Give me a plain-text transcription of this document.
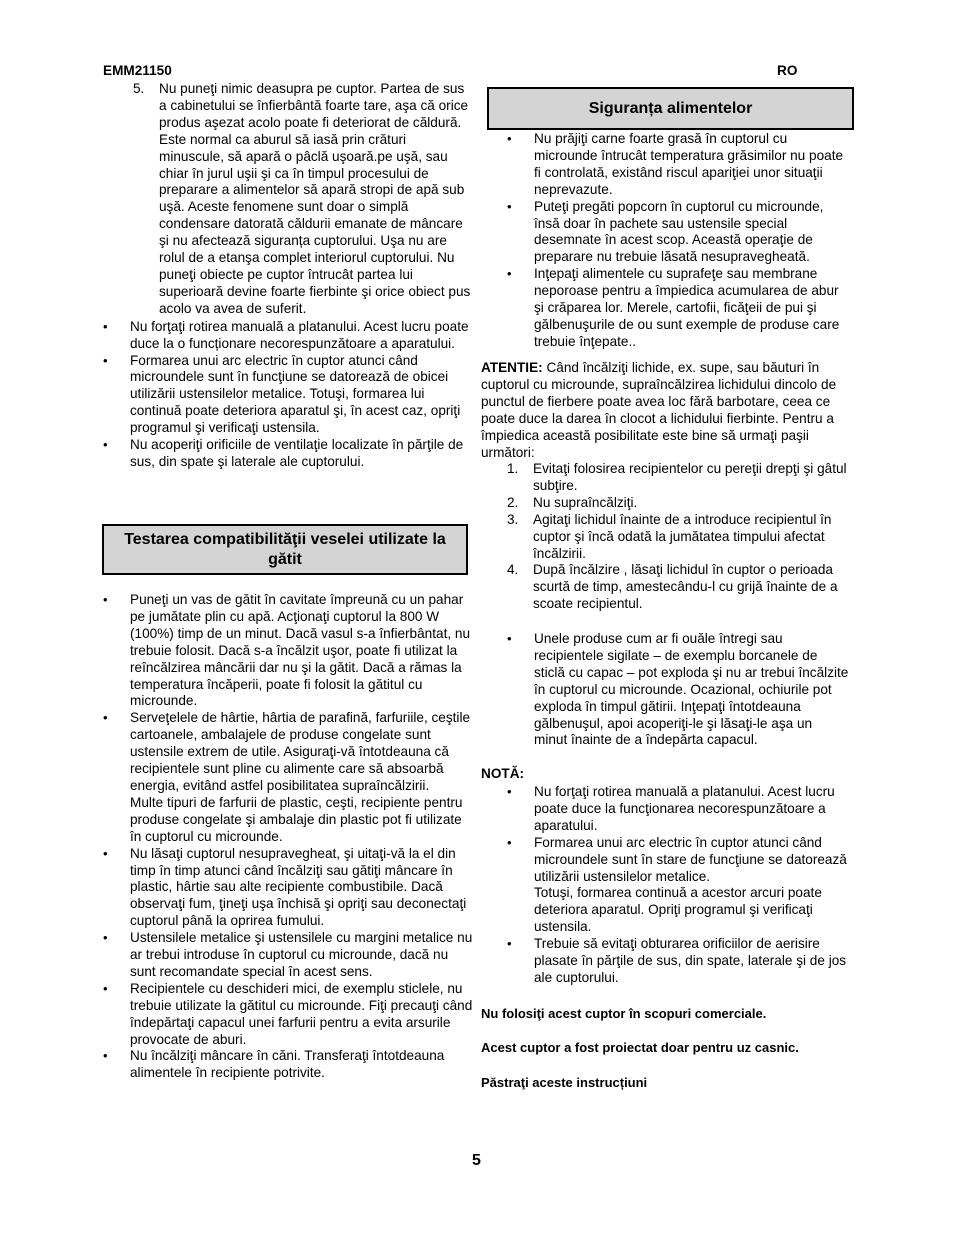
EMM21150	RO
5. Nu puneţi nimic deasupra pe cuptor. Partea de sus a cabinetului se înfierbântă foarte tare, aşa că orice produs aşezat acolo poate fi deteriorat de căldură. Este normal ca aburul să iasă prin crături minuscule, să apară o pâclă uşoară.pe uşă, sau chiar în jurul uşii şi ca în timpul procesului de preparare a alimentelor să apară stropi de apă sub uşă. Aceste fenomene sunt doar o simplă condensare datorată căldurii emanate de mâncare şi nu afectează siguranța cuptorului. Uşa nu are rolul de a etanşa complet interiorul cuptorului. Nu puneţi obiecte pe cuptor întrucât partea lui superioară devine foarte fierbinte şi orice obiect pus acolo va avea de suferit.
• Nu forţaţi rotirea manuală a platanului. Acest lucru poate duce la o funcționare necorespunzătoare a aparatului.
• Formarea unui arc electric în cuptor atunci când microundele sunt în funcţiune se datorează de obicei utilizării ustensilelor metalice. Totuşi, formarea lui continuă poate deteriora aparatul şi, în acest caz, opriţi programul şi verificaţi ustensila.
• Nu acoperiţi orificiile de ventilaţie localizate în părţile de sus, din spate şi laterale ale cuptorului.
Testarea compatibilităţii veselei utilizate la gătit
• Puneţi un vas de gătit în cavitate împreună cu un pahar pe jumătate plin cu apă. Acţionaţi cuptorul la 800 W (100%) timp de un minut. Dacă vasul s-a înfierbântat, nu trebuie folosit. Dacă s-a încălzit uşor, poate fi utilizat la reîncălzirea mâncării dar nu şi la gătit. Dacă a rămas la temperatura încăperii, poate fi folosit la gătitul cu microunde.

• Serveţelele de hârtie, hârtia de parafină, farfuriile, ceştile cartoanele, ambalajele de produse congelate sunt ustensile extrem de utile. Asiguraţi-vă întotdeauna că recipientele sunt pline cu alimente care să absoarbă energia, evitând astfel posibilitatea supraîncălzirii.

Multe tipuri de farfurii de plastic, ceşti, recipiente pentru produse congelate şi ambalaje din plastic pot fi utilizate în cuptorul cu microunde.

• Nu lăsaţi cuptorul nesupravegheat, şi uitaţi-vă la el din timp în timp atunci când încălziţi sau gătiţi mâncare în plastic, hârtie sau alte recipiente combustibile. Dacă observaţi fum, ţineţi uşa închisă şi opriţi sau deconectaţi cuptorul până la oprirea fumului.
• Ustensilele metalice şi ustensilele cu margini metalice nu ar trebui introduse în cuptorul cu microunde, dacă nu sunt recomandate special în acest sens.
• Recipientele cu deschideri mici, de exemplu sticlele, nu trebuie utilizate la gătitul cu microunde. Fiţi precauţi când îndepărtaţi capacul unei farfurii pentru a evita arsurile provocate de aburi.
• Nu încălziţi mâncare în căni. Transferaţi întotdeauna alimentele în recipiente potrivite.
Siguranța alimentelor
• Nu prăjiţi carne foarte grasă în cuptorul cu microunde întrucât temperatura grăsimilor nu poate fi controlată, existând riscul apariţiei unor situaţii neprevazute.
• Puteţi pregăti popcorn în cuptorul cu microunde, însă doar în pachete sau ustensile special desemnate în acest scop. Această operaţie de preparare nu trebuie lăsată nesupravegheată.
• Inţepaţi alimentele cu suprafeţe sau membrane neporoase pentru a împiedica acumularea de abur şi crăparea lor. Merele, cartofii, ficăţeii de pui şi gălbenuşurile de ou sunt exemple de produse care trebuie înţepate..

ATENTIE: Când încălziţi lichide, ex. supe, sau băuturi în cuptorul cu microunde, supraîncălzirea lichidului dincolo de punctul de fierbere poate avea loc fără barbotare, ceea ce poate duce la darea în clocot a lichidului fierbinte. Pentru a împiedica această posibilitate este bine să urmaţi paşii următori:

1. Evitaţi folosirea recipientelor cu pereţii drepţi şi gâtul subţire.
2. Nu supraîncălziţi.
3. Agitaţi lichidul înainte de a introduce recipientul în cuptor şi încă odată la jumătatea timpului afectat încălzirii.
4. După încălzire , lăsaţi lichidul în cuptor o perioada scurtă de timp, amestecându-l cu grijă înainte de a scoate recipientul.
• Unele produse cum ar fi ouăle întregi sau recipientele sigilate – de exemplu borcanele de sticlă cu capac – pot exploda şi nu ar trebui încălzite în cuptorul cu microunde. Ocazional, ochiurile pot exploda în timpul gătirii. Inţepaţi întotdeauna gălbenuşul, apoi acoperiţi-le şi lăsaţi-le aşa un minut înainte de a îndepărta capacul.
NOTĂ:
• Nu forţaţi rotirea manuală a platanului. Acest lucru poate duce la funcţionarea necorespunzătoare a aparatului.

• Formarea unui arc electric în cuptor atunci când microundele sunt în stare de funcţiune se datorează utilizării ustensilelor metalice.

Totuşi, formarea continuă a acestor arcuri poate deteriora aparatul. Opriţi programul şi verificaţi ustensila.

• Trebuie să evitaţi obturarea orificiilor de aerisire plasate în părţile de sus, din spate, laterale şi de jos ale cuptorului.
Nu folosiţi acest cuptor în scopuri comerciale.
Acest cuptor a fost proiectat doar pentru uz casnic.
Păstraţi aceste instrucțiuni
5
